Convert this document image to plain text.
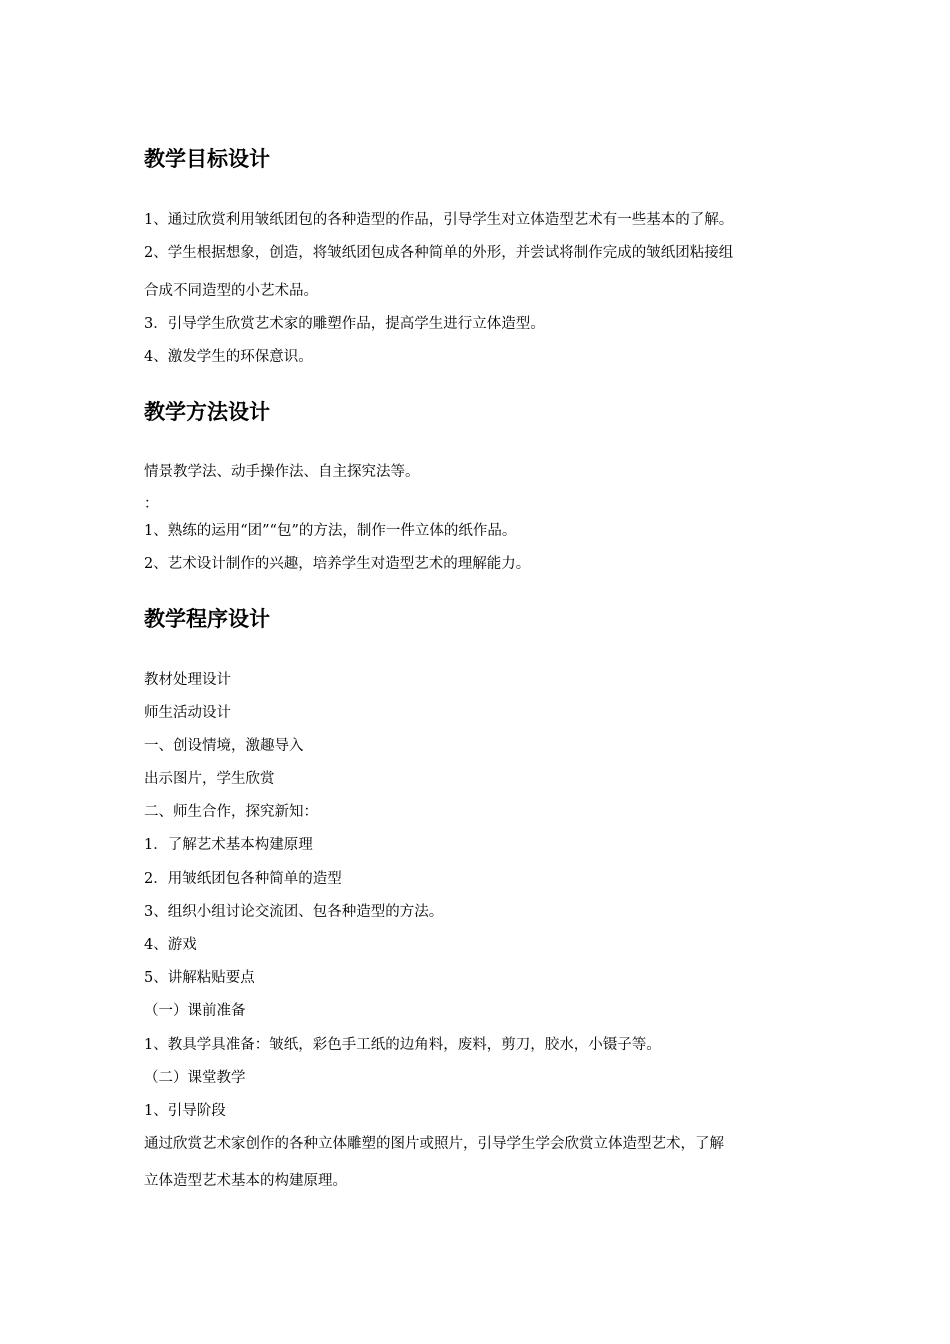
教学目标设计

1、通过欣赏利用皱纸团包的各种造型的作品，引导学生对立体造型艺术有一些基本的了解。

2、学生根据想象，创造，将皱纸团包成各种简单的外形，并尝试将制作完成的皱纸团粘接组

合成不同造型的小艺术品。

3．引导学生欣赏艺术家的雕塑作品，提高学生进行立体造型。

4、激发学生的环保意识。

教学方法设计

情景教学法、动手操作法、自主探究法等。

：

1、熟练的运用“团”“包”的方法，制作一件立体的纸作品。

2、艺术设计制作的兴趣，培养学生对造型艺术的理解能力。

教学程序设计

教材处理设计

师生活动设计

一、创设情境，激趣导入

出示图片，学生欣赏

二、师生合作，探究新知：

1．了解艺术基本构建原理

2．用皱纸团包各种简单的造型

3、组织小组讨论交流团、包各种造型的方法。

4、游戏

5、讲解粘贴要点

（一）课前准备

1、教具学具准备：皱纸，彩色手工纸的边角料，废料，剪刀，胶水，小镊子等。

（二）课堂教学

1、引导阶段

通过欣赏艺术家创作的各种立体雕塑的图片或照片，引导学生学会欣赏立体造型艺术，了解

立体造型艺术基本的构建原理。
